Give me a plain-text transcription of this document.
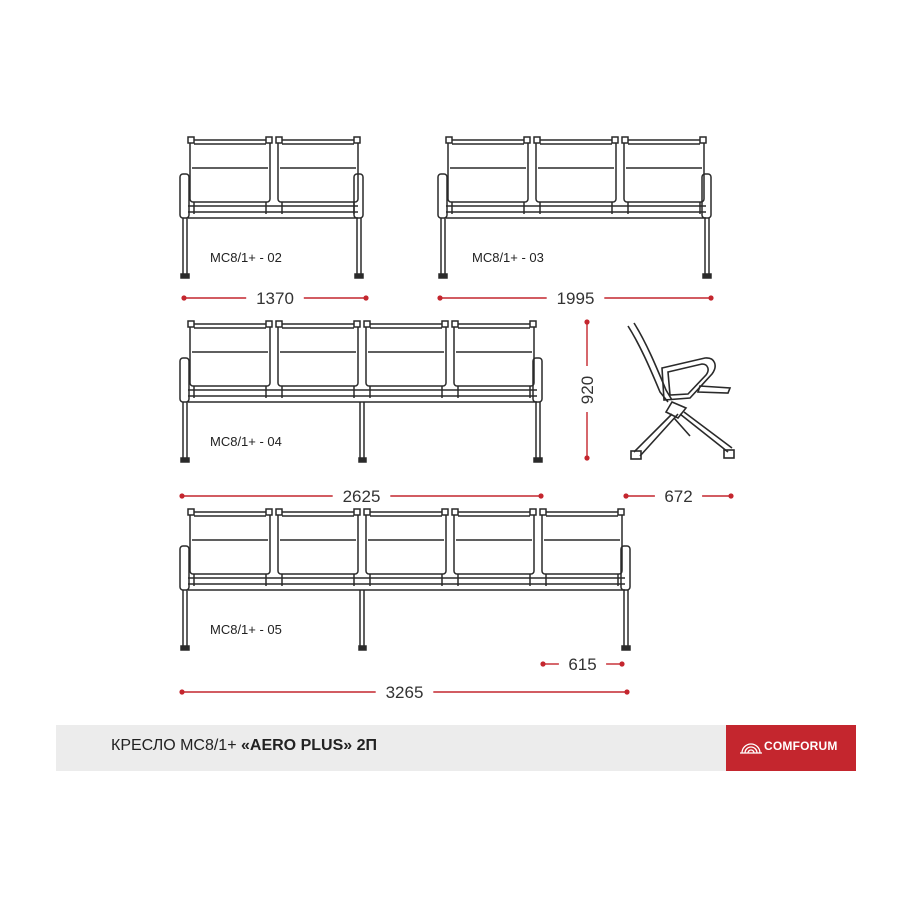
МС8/1+ - 02	МС8/1+ - 03
МС8/1+ - 04
МС8/1+ - 05
920
1370	1995
2625	672
615
3265
КРЕСЛО МС8/1+ «AERO PLUS» 2П	COMFORUM
